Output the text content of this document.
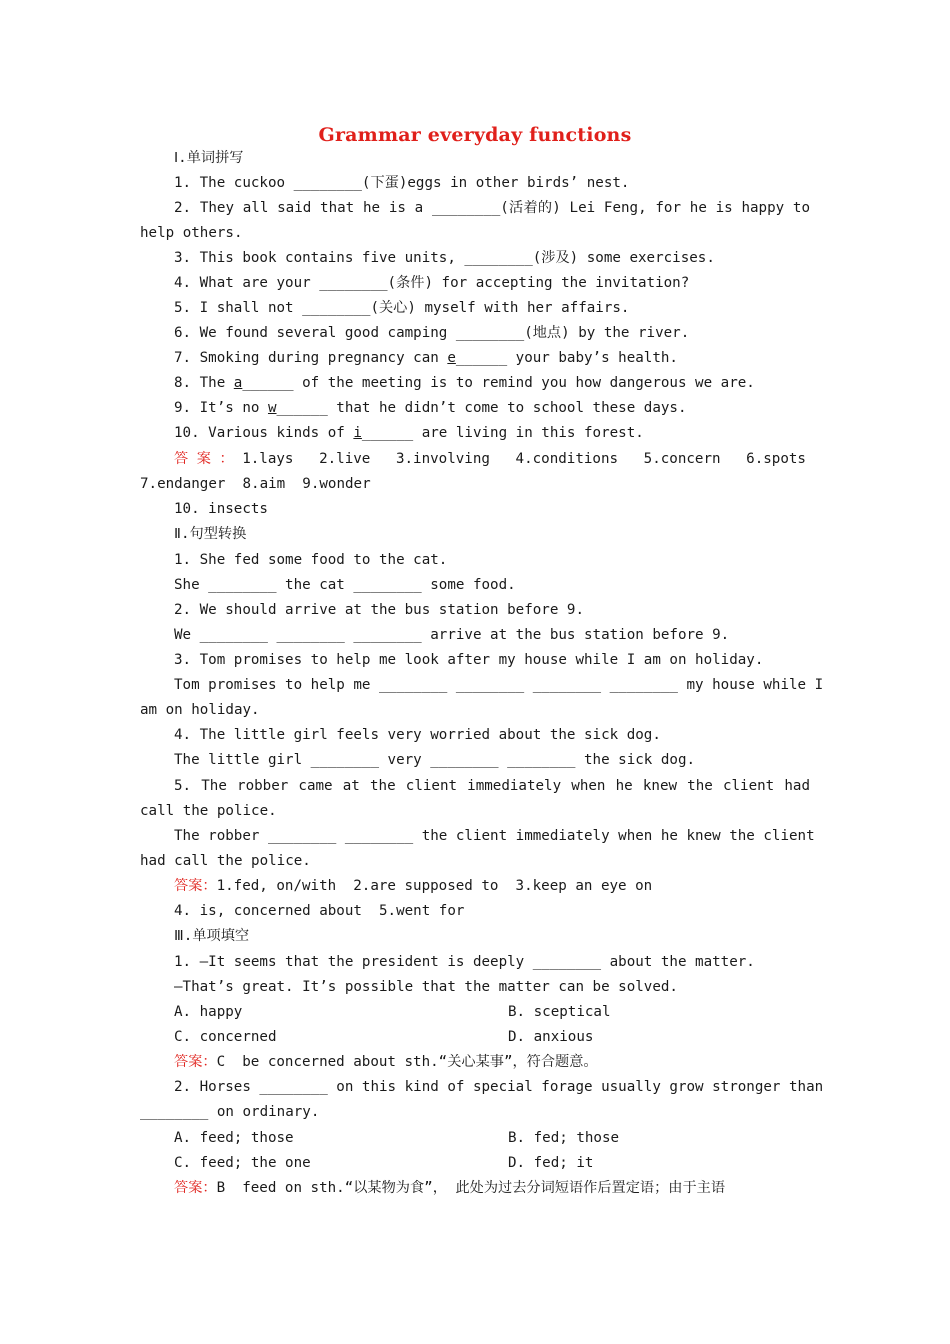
Grammar everyday functions
Ⅰ.单词拼写
1. The cuckoo ________(下蛋)eggs in other birds’ nest.
2. They all said that he is a ________(活着的) Lei Feng, for he is happy to
help others.
3. This book contains five units, ________(涉及) some exercises.
4. What are your ________(条件) for accepting the invitation?
5. I shall not ________(关心) myself with her affairs.
6. We found several good camping ________(地点) by the river.
7. Smoking during pregnancy can e______ your baby’s health.
8. The a______ of the meeting is to remind you how dangerous we are.
9. It’s no w______ that he didn’t come to school these days.
10. Various kinds of i______ are living in this forest.
答 案 ： 1.lays   2.live   3.involving   4.conditions   5.concern   6.spots
7.endanger  8.aim  9.wonder
10. insects
Ⅱ.句型转换
1. She fed some food to the cat.
She ________ the cat ________ some food.
2. We should arrive at the bus station before 9.
We ________ ________ ________ arrive at the bus station before 9.
3. Tom promises to help me look after my house while I am on holiday.
Tom promises to help me ________ ________ ________ ________ my house while I
am on holiday.
4. The little girl feels very worried about the sick dog.
The little girl ________ very ________ ________ the sick dog.
5. The robber came at the client immediately when he knew the client had
call the police.
The robber ________ ________ the client immediately when he knew the client
had call the police.
答案：1.fed, on/with  2.are supposed to  3.keep an eye on
4. is, concerned about  5.went for
Ⅲ.单项填空
1. —It seems that the president is deeply ________ about the matter.
—That’s great. It’s possible that the matter can be solved.
A. happy	B. sceptical
C. concerned	D. anxious
答案：C  be concerned about sth.“关心某事”，符合题意。
2. Horses ________ on this kind of special forage usually grow stronger than
________ on ordinary.
A. feed; those	B. fed; those
C. feed; the one	D. fed; it
答案：B  feed on sth.“以某物为食”， 此处为过去分词短语作后置定语；由于主语
